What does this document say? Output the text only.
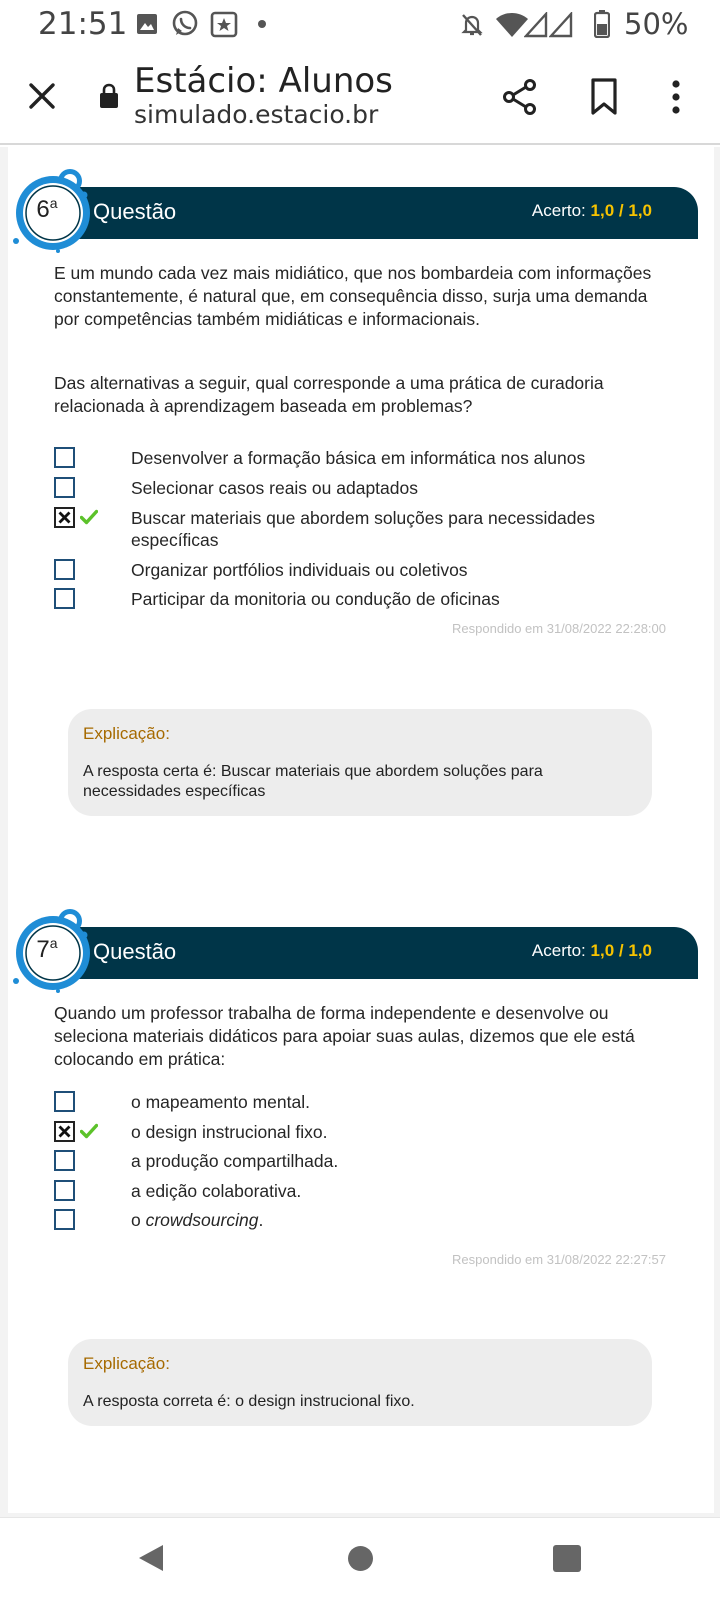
21:51	50%
Estácio: Alunos
simulado.estacio.br
Questão	Acerto: 1,0 / 1,0
6$^a$
E um mundo cada vez mais midiático, que nos bombardeia com informações constantemente, é natural que, em consequência disso, surja uma demanda por competências também midiáticas e informacionais.
Das alternativas a seguir, qual corresponde a uma prática de curadoria relacionada à aprendizagem baseada em problemas?
Desenvolver a formação básica em informática nos alunos
Selecionar casos reais ou adaptados
Buscar materiais que abordem soluções para necessidades específicas
Organizar portfólios individuais ou coletivos
Participar da monitoria ou condução de oficinas
Respondido em 31/08/2022 22:28:00
Explicação:
A resposta certa é: Buscar materiais que abordem soluções para necessidades específicas
Questão	Acerto: 1,0 / 1,0
7$^a$
Quando um professor trabalha de forma independente e desenvolve ou seleciona materiais didáticos para apoiar suas aulas, dizemos que ele está colocando em prática:
o mapeamento mental.
o design instrucional fixo.
a produção compartilhada.
a edição colaborativa.
o crowdsourcing.
Respondido em 31/08/2022 22:27:57
Explicação:
A resposta correta é: o design instrucional fixo.
